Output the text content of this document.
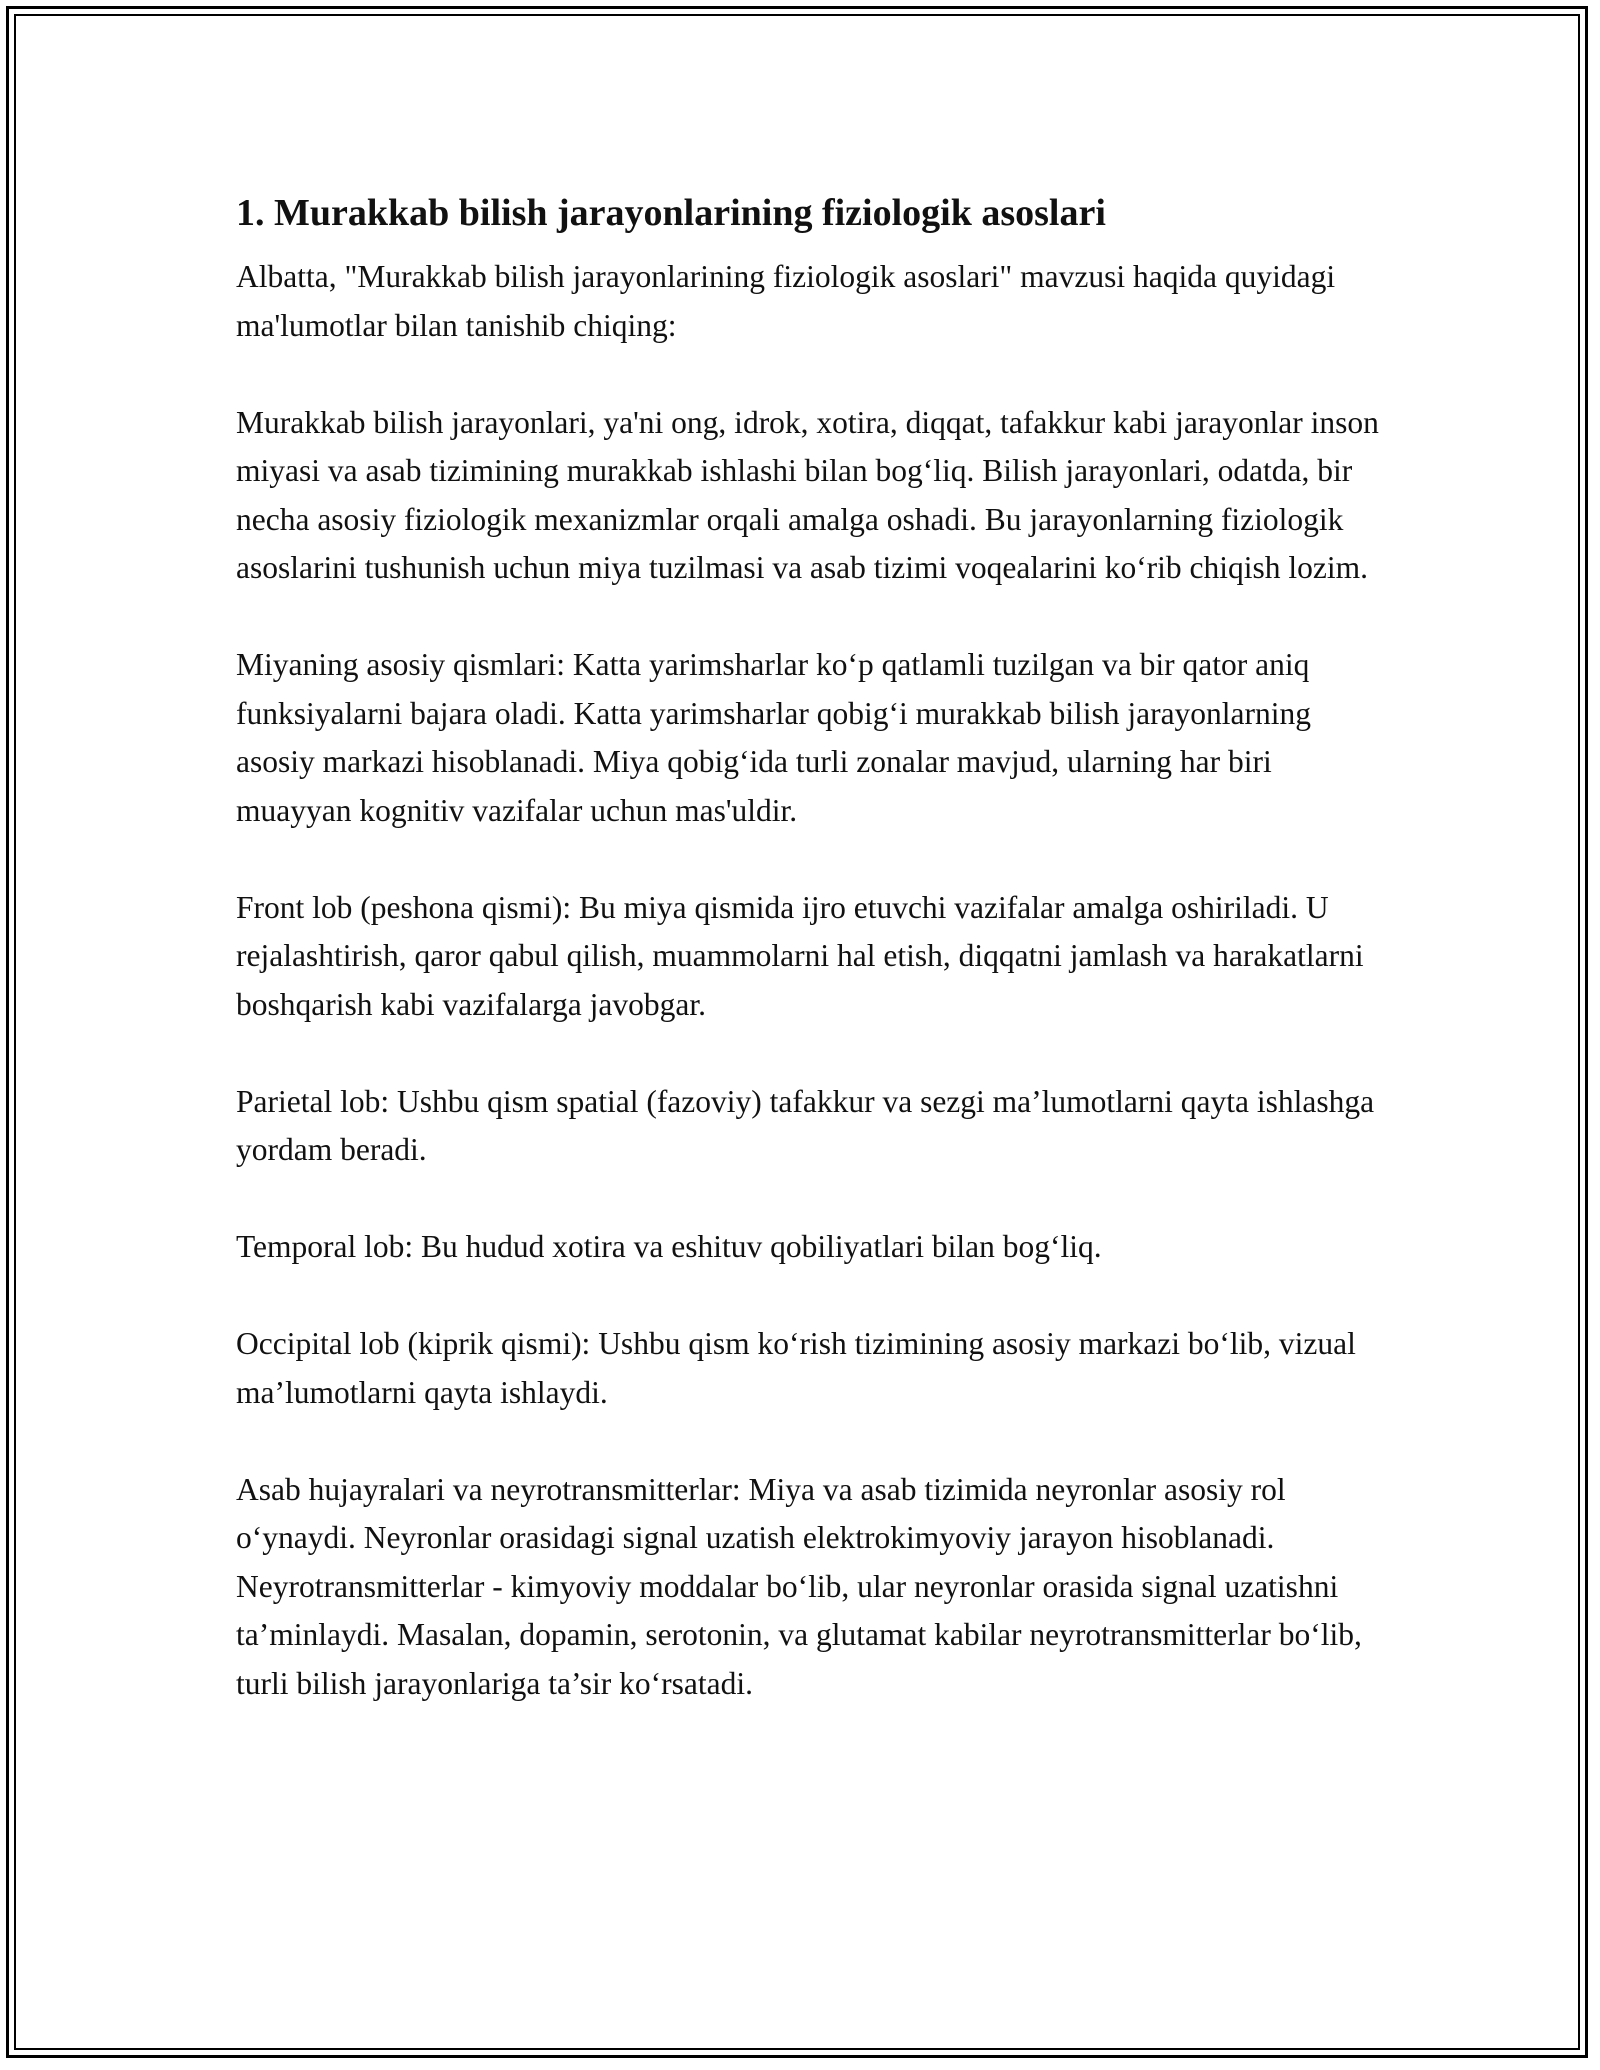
1. Murakkab bilish jarayonlarining fiziologik asoslari

Albatta, "Murakkab bilish jarayonlarining fiziologik asoslari" mavzusi haqida quyidagi ma'lumotlar bilan tanishib chiqing:

Murakkab bilish jarayonlari, ya'ni ong, idrok, xotira, diqqat, tafakkur kabi jarayonlar inson miyasi va asab tizimining murakkab ishlashi bilan bog‘liq. Bilish jarayonlari, odatda, bir necha asosiy fiziologik mexanizmlar orqali amalga oshadi. Bu jarayonlarning fiziologik asoslarini tushunish uchun miya tuzilmasi va asab tizimi voqealarini ko‘rib chiqish lozim.

Miyaning asosiy qismlari: Katta yarimsharlar ko‘p qatlamli tuzilgan va bir qator aniq funksiyalarni bajara oladi. Katta yarimsharlar qobig‘i murakkab bilish jarayonlarning asosiy markazi hisoblanadi. Miya qobig‘ida turli zonalar mavjud, ularning har biri muayyan kognitiv vazifalar uchun mas'uldir.

Front lob (peshona qismi): Bu miya qismida ijro etuvchi vazifalar amalga oshiriladi. U rejalashtirish, qaror qabul qilish, muammolarni hal etish, diqqatni jamlash va harakatlarni boshqarish kabi vazifalarga javobgar.

Parietal lob: Ushbu qism spatial (fazoviy) tafakkur va sezgi ma’lumotlarni qayta ishlashga yordam beradi.

Temporal lob: Bu hudud xotira va eshituv qobiliyatlari bilan bog‘liq.

Occipital lob (kiprik qismi): Ushbu qism ko‘rish tizimining asosiy markazi bo‘lib, vizual ma’lumotlarni qayta ishlaydi.

Asab hujayralari va neyrotransmitterlar: Miya va asab tizimida neyronlar asosiy rol o‘ynaydi. Neyronlar orasidagi signal uzatish elektrokimyoviy jarayon hisoblanadi. Neyrotransmitterlar - kimyoviy moddalar bo‘lib, ular neyronlar orasida signal uzatishni ta’minlaydi. Masalan, dopamin, serotonin, va glutamat kabilar neyrotransmitterlar bo‘lib, turli bilish jarayonlariga ta’sir ko‘rsatadi.
